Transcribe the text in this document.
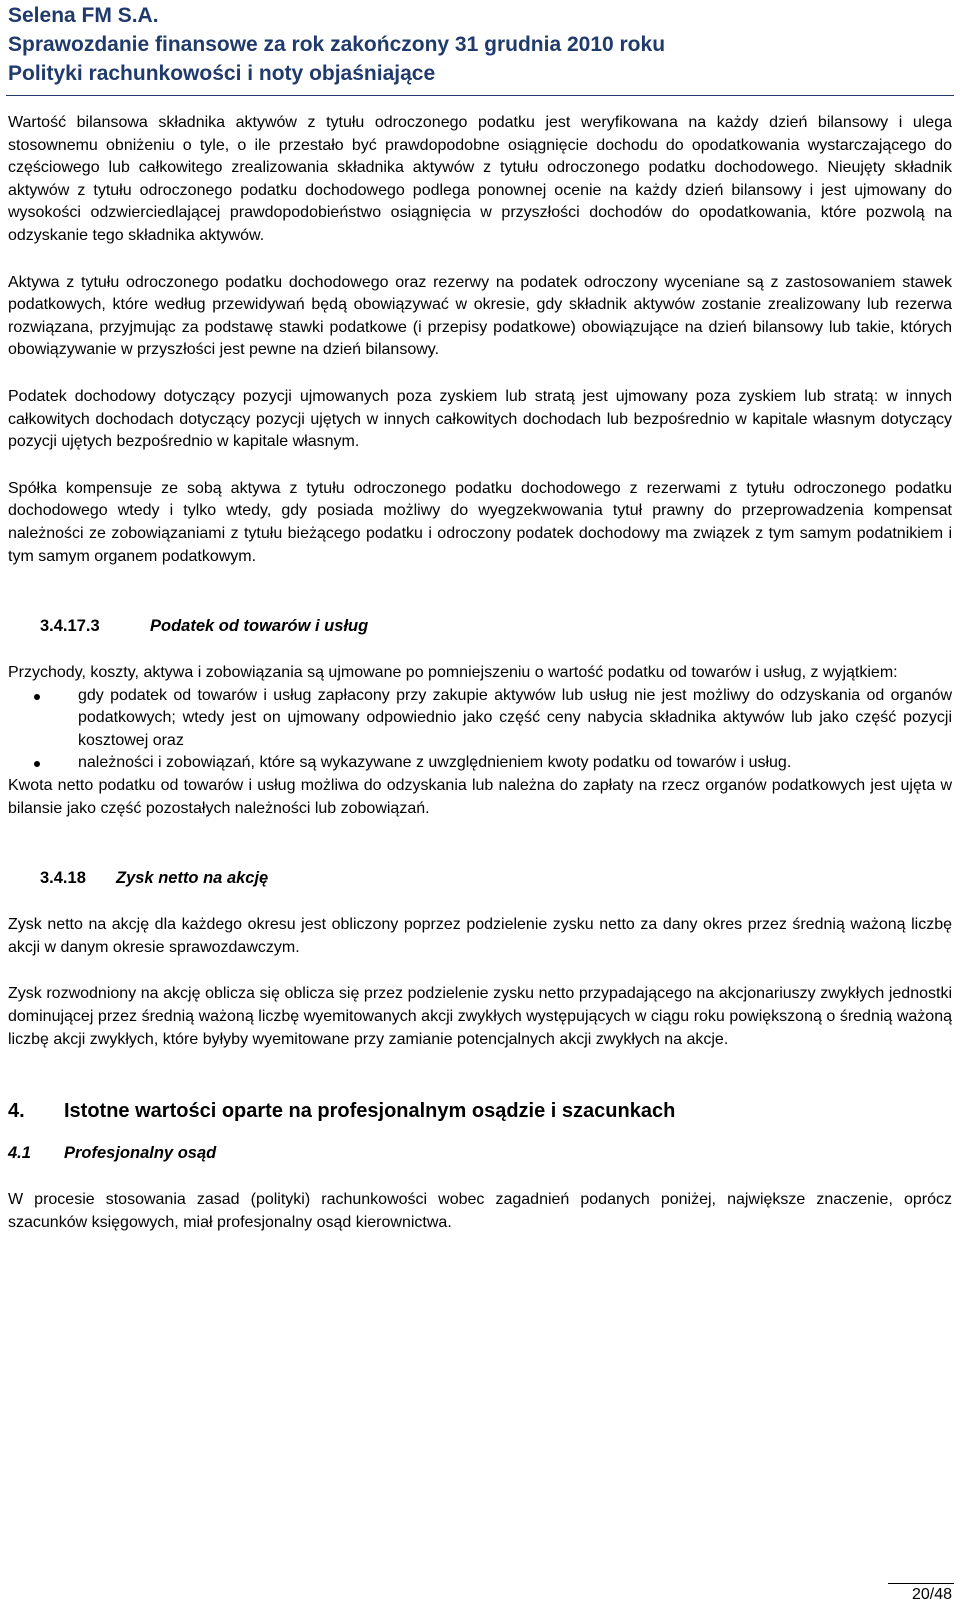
Selena FM S.A.
Sprawozdanie finansowe za rok zakończony 31 grudnia 2010 roku
Polityki rachunkowości i noty objaśniające

Wartość bilansowa składnika aktywów z tytułu odroczonego podatku jest weryfikowana na każdy dzień bilansowy i ulega stosownemu obniżeniu o tyle, o ile przestało być prawdopodobne osiągnięcie dochodu do opodatkowania wystarczającego do częściowego lub całkowitego zrealizowania składnika aktywów z tytułu odroczonego podatku dochodowego. Nieujęty składnik aktywów z tytułu odroczonego podatku dochodowego podlega ponownej ocenie na każdy dzień bilansowy i jest ujmowany do wysokości odzwierciedlającej prawdopodobieństwo osiągnięcia w przyszłości dochodów do opodatkowania, które pozwolą na odzyskanie tego składnika aktywów.

Aktywa z tytułu odroczonego podatku dochodowego oraz rezerwy na podatek odroczony wyceniane są z zastosowaniem stawek podatkowych, które według przewidywań będą obowiązywać w okresie, gdy składnik aktywów zostanie zrealizowany lub rezerwa rozwiązana, przyjmując za podstawę stawki podatkowe (i przepisy podatkowe) obowiązujące na dzień bilansowy lub takie, których obowiązywanie w przyszłości jest pewne na dzień bilansowy.

Podatek dochodowy dotyczący pozycji ujmowanych poza zyskiem lub stratą jest ujmowany poza zyskiem lub stratą: w innych całkowitych dochodach dotyczący pozycji ujętych w innych całkowitych dochodach lub bezpośrednio w kapitale własnym dotyczący pozycji ujętych bezpośrednio w kapitale własnym.

Spółka kompensuje ze sobą aktywa z tytułu odroczonego podatku dochodowego z rezerwami z tytułu odroczonego podatku dochodowego wtedy i tylko wtedy, gdy posiada możliwy do wyegzekwowania tytuł prawny do przeprowadzenia kompensat należności ze zobowiązaniami z tytułu bieżącego podatku i odroczony podatek dochodowy ma związek z tym samym podatnikiem i tym samym organem podatkowym.

3.4.17.3	Podatek od towarów i usług

Przychody, koszty, aktywa i zobowiązania są ujmowane po pomniejszeniu o wartość podatku od towarów i usług, z wyjątkiem:

gdy podatek od towarów i usług zapłacony przy zakupie aktywów lub usług nie jest możliwy do odzyskania od organów podatkowych; wtedy jest on ujmowany odpowiednio jako część ceny nabycia składnika aktywów lub jako część pozycji kosztowej oraz
należności i zobowiązań, które są wykazywane z uwzględnieniem kwoty podatku od towarów i usług.

Kwota netto podatku od towarów i usług możliwa do odzyskania lub należna do zapłaty na rzecz organów podatkowych jest ujęta w bilansie jako część pozostałych należności lub zobowiązań.

3.4.18 Zysk netto na akcję

Zysk netto na akcję dla każdego okresu jest obliczony poprzez podzielenie zysku netto za dany okres przez średnią ważoną liczbę akcji w danym okresie sprawozdawczym.

Zysk rozwodniony na akcję oblicza się oblicza się przez podzielenie zysku netto przypadającego na akcjonariuszy zwykłych jednostki dominującej przez średnią ważoną liczbę wyemitowanych akcji zwykłych występujących w ciągu roku powiększoną o średnią ważoną liczbę akcji zwykłych, które byłyby wyemitowane przy zamianie potencjalnych akcji zwykłych na akcje.

4. Istotne wartości oparte na profesjonalnym osądzie i szacunkach
4.1 Profesjonalny osąd

W procesie stosowania zasad (polityki) rachunkowości wobec zagadnień podanych poniżej, największe znaczenie, oprócz szacunków księgowych, miał profesjonalny osąd kierownictwa.

20/48
